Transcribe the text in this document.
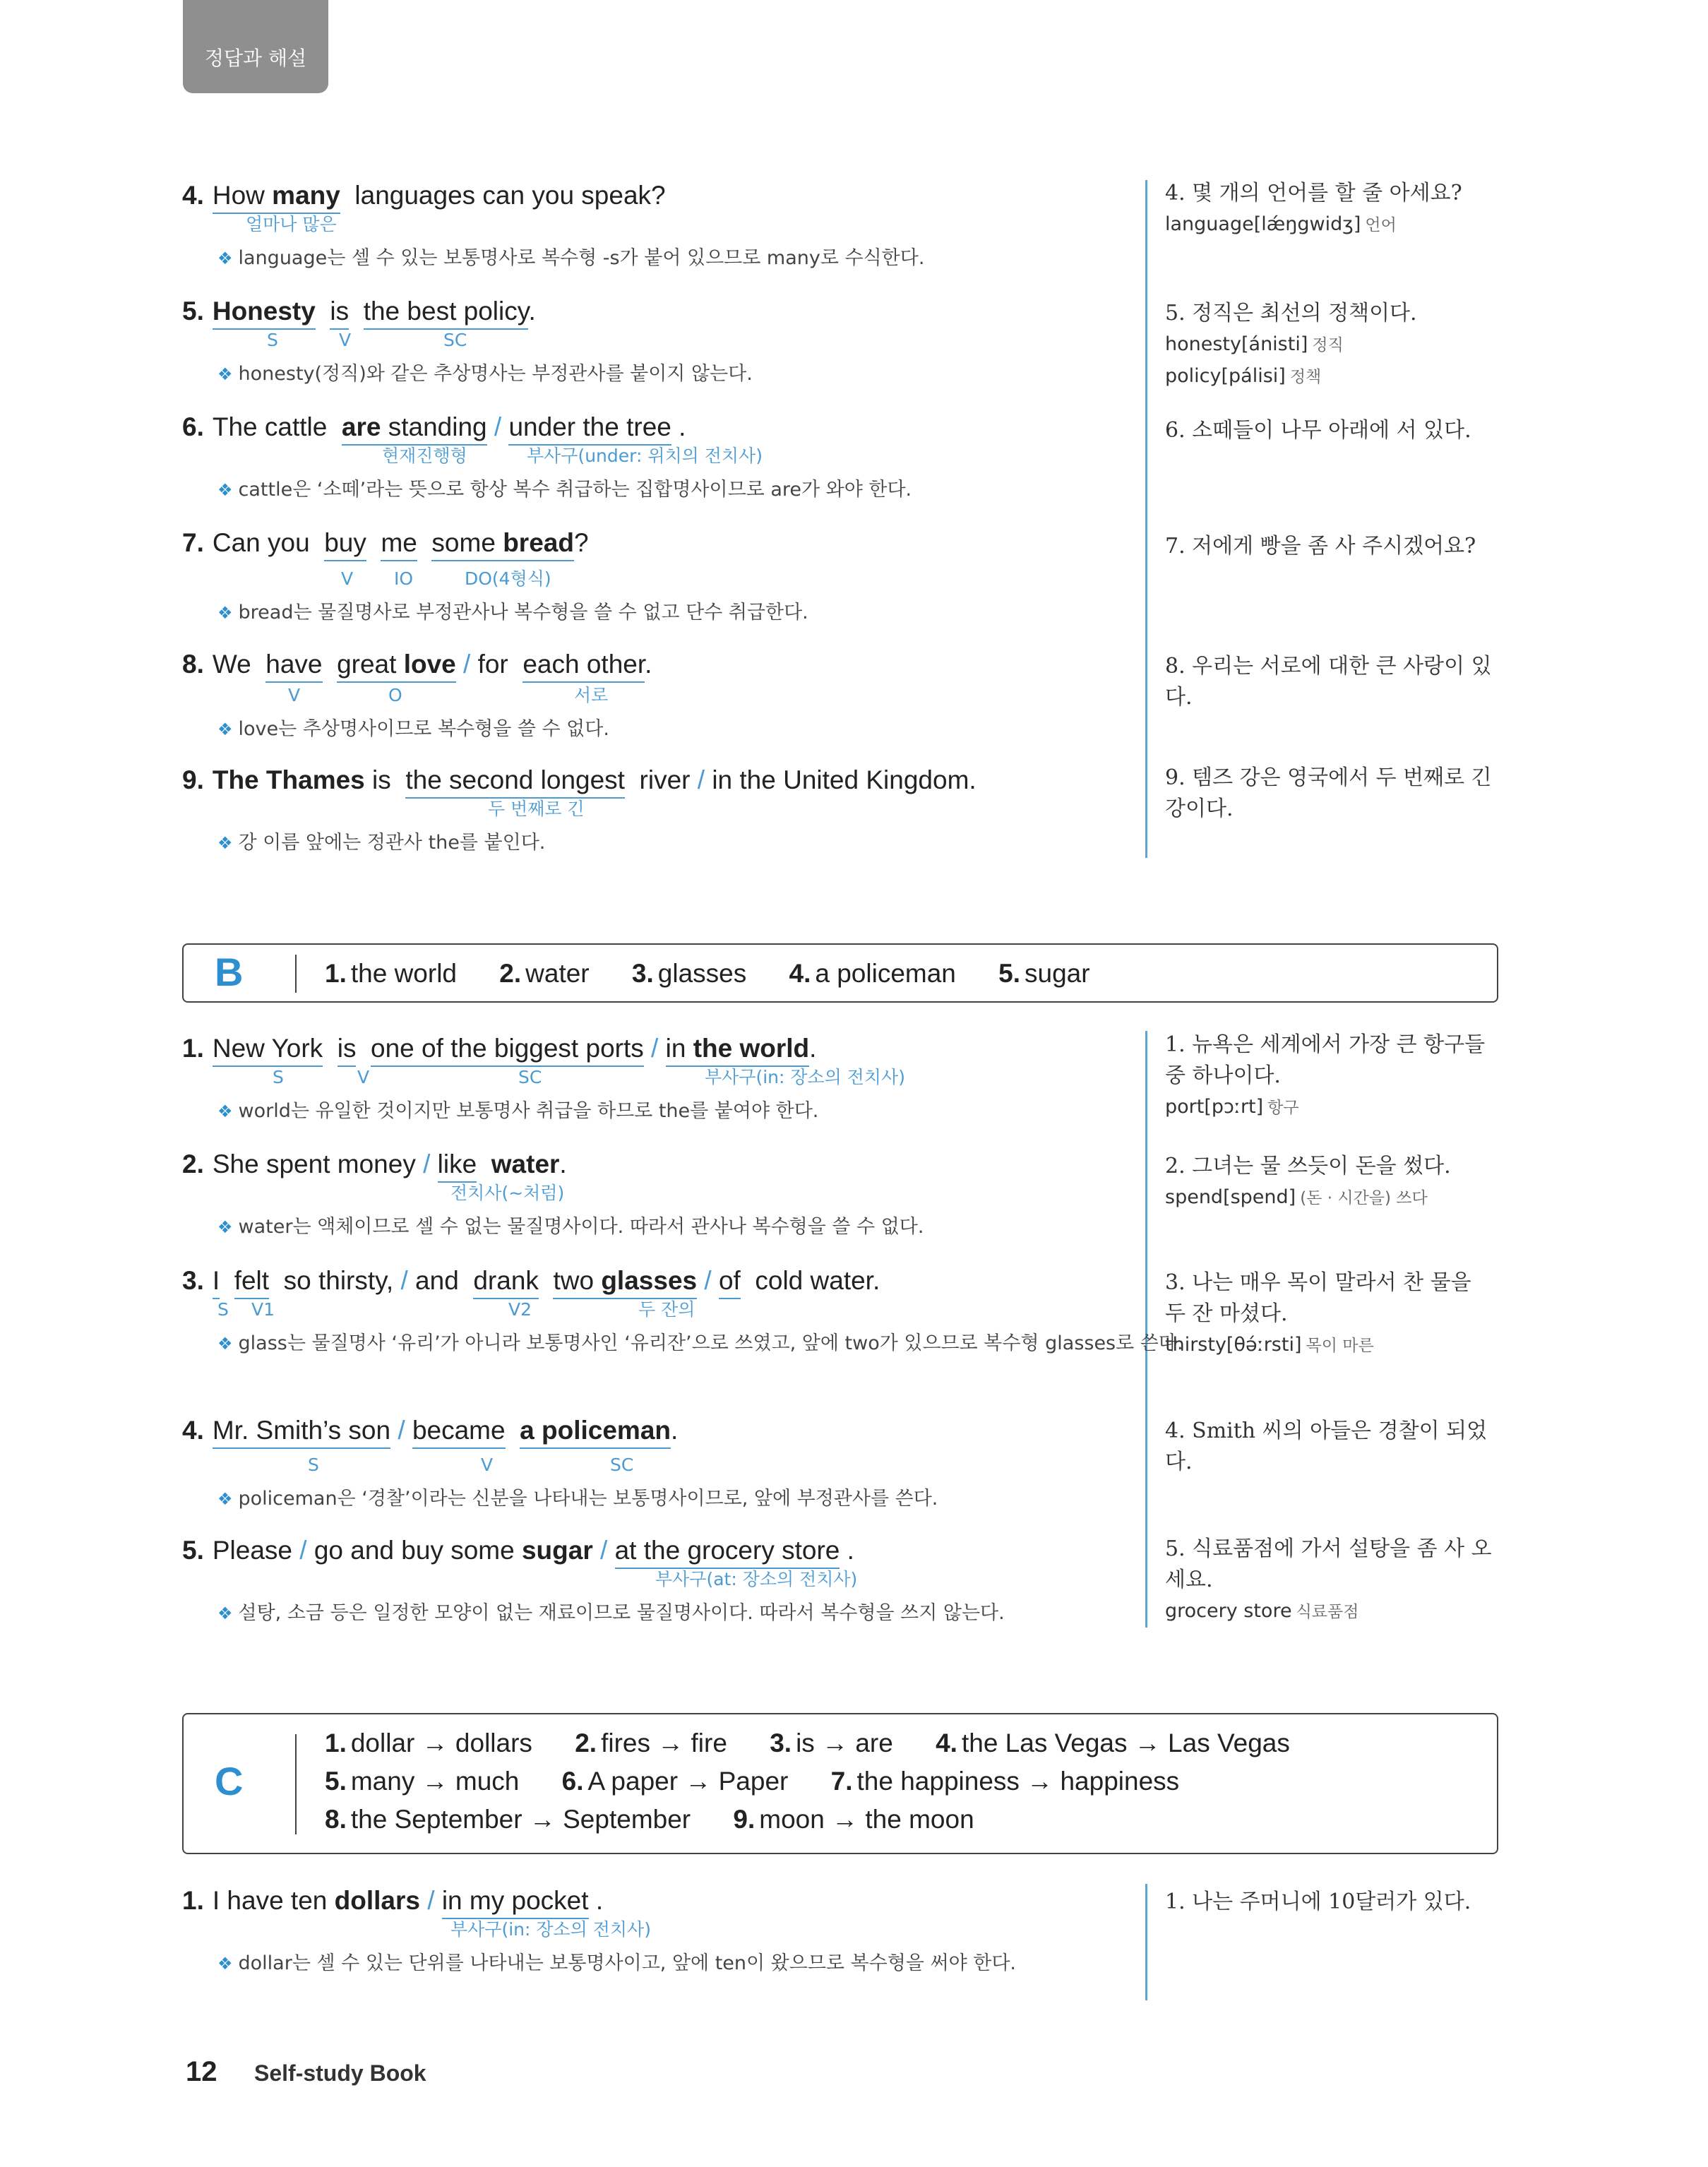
정답과 해설
4. How many languages can you speak?
얼마나 많은
❖ language는 셀 수 있는 보통명사로 복수형 -s가 붙어 있으므로 many로 수식한다.
4. 몇 개의 언어를 할 줄 아세요?
language[lǽŋgwidʒ] 언어
5. Honesty is the best policy.
S	V	SC
❖ honesty(정직)와 같은 추상명사는 부정관사를 붙이지 않는다.
5. 정직은 최선의 정책이다.
honesty[ánisti] 정직
policy[pálisi] 정책
6. The cattle are standing / under the tree .
현재진행형	부사구(under: 위치의 전치사)
❖ cattle은 ‘소떼’라는 뜻으로 항상 복수 취급하는 집합명사이므로 are가 와야 한다.
6. 소떼들이 나무 아래에 서 있다.
7. Can you buy me some bread?
V IO	DO(4형식)
❖ bread는 물질명사로 부정관사나 복수형을 쓸 수 없고 단수 취급한다.
7. 저에게 빵을 좀 사 주시겠어요?
8. We have great love / for each other.
V	O	서로
❖ love는 추상명사이므로 복수형을 쓸 수 없다.
8. 우리는 서로에 대한 큰 사랑이 있다.
9. The Thames is the second longest river / in the United Kingdom.
두 번째로 긴
❖ 강 이름 앞에는 정관사 the를 붙인다.
9. 템즈 강은 영국에서 두 번째로 긴 강이다.
B	1. the world 2. water 3. glasses 4. a policeman 5. sugar
1. New York is one of the biggest ports / in the world.
S	V	SC	부사구(in: 장소의 전치사)
❖ world는 유일한 것이지만 보통명사 취급을 하므로 the를 붙여야 한다.
1. 뉴욕은 세계에서 가장 큰 항구들 중 하나이다.
port[pɔːrt] 항구
2. She spent money / like water.
전치사(~처럼)
❖ water는 액체이므로 셀 수 없는 물질명사이다. 따라서 관사나 복수형을 쓸 수 없다.
2. 그녀는 물 쓰듯이 돈을 썼다.
spend[spend] (돈 · 시간을) 쓰다
3. I felt so thirsty, / and drank two glasses / of cold water.
S V1	V2	두 잔의
❖ glass는 물질명사 ‘유리’가 아니라 보통명사인 ‘유리잔’으로 쓰였고, 앞에 two가 있으므로 복수형 glasses로 쓴다.
3. 나는 매우 목이 말라서 찬 물을 두 잔 마셨다.
thirsty[θə́ːrsti] 목이 마른
4. Mr. Smith’s son / became a policeman.
S	V	SC
❖ policeman은 ‘경찰’이라는 신분을 나타내는 보통명사이므로, 앞에 부정관사를 쓴다.
4. Smith 씨의 아들은 경찰이 되었다.
5. Please / go and buy some sugar / at the grocery store .
부사구(at: 장소의 전치사)
❖ 설탕, 소금 등은 일정한 모양이 없는 재료이므로 물질명사이다. 따라서 복수형을 쓰지 않는다.
5. 식료품점에 가서 설탕을 좀 사 오세요.
grocery store 식료품점
C
1. dollar → dollars 2. fires → fire 3. is → are 4. the Las Vegas → Las Vegas
5. many → much 6. A paper → Paper 7. the happiness → happiness
8. the September → September 9. moon → the moon
1. I have ten dollars / in my pocket .
부사구(in: 장소의 전치사)
❖ dollar는 셀 수 있는 단위를 나타내는 보통명사이고, 앞에 ten이 왔으므로 복수형을 써야 한다.
1. 나는 주머니에 10달러가 있다.
12 Self-study Book
